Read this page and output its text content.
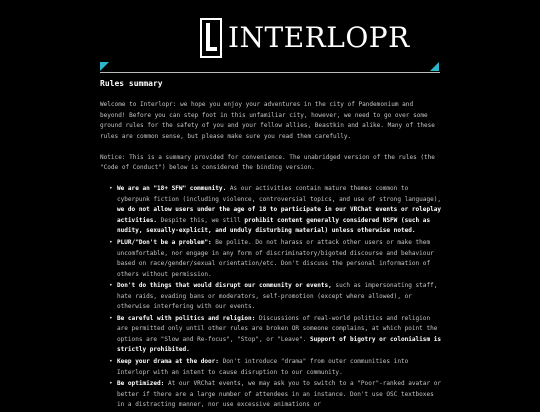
INTERLOPR
Rules summary

Welcome to Interlopr: we hope you enjoy your adventures in the city of Pandemonium and beyond! Before you can step foot in this unfamiliar city, however, we need to go over some ground rules for the safety of you and your fellow allies, Beastkin and alike. Many of these rules are common sense, but please make sure you read them carefully.

Notice: This is a summary provided for convenience. The unabridged version of the rules (the "Code of Conduct") below is considered the binding version.

• We are an "18+ SFW" community. As our activities contain mature themes common to cyberpunk fiction (including violence, controversial topics, and use of strong language), we do not allow users under the age of 18 to participate in our VRChat events or roleplay activities. Despite this, we still prohibit content generally considered NSFW (such as nudity, sexually-explicit, and unduly disturbing material) unless otherwise noted.
• PLUR/"Don't be a problem": Be polite. Do not harass or attack other users or make them uncomfortable, nor engage in any form of discriminatory/bigoted discourse and behaviour based on race/gender/sexual orientation/etc. Don't discuss the personal information of others without permission.
• Don't do things that would disrupt our community or events, such as impersonating staff, hate raids, evading bans or moderators, self-promotion (except where allowed), or otherwise interfering with our events.
• Be careful with politics and religion: Discussions of real-world politics and religion are permitted only until other rules are broken OR someone complains, at which point the options are "Slow and Re-focus", "Stop", or "Leave". Support of bigotry or colonialism is strictly prohibited.
• Keep your drama at the door: Don't introduce "drama" from outer communities into Interlopr with an intent to cause disruption to our community.
• Be optimized: At our VRChat events, we may ask you to switch to a "Poor"-ranked avatar or better if there are a large number of attendees in an instance. Don't use OSC textboxes in a distracting manner, nor use excessive animations or
